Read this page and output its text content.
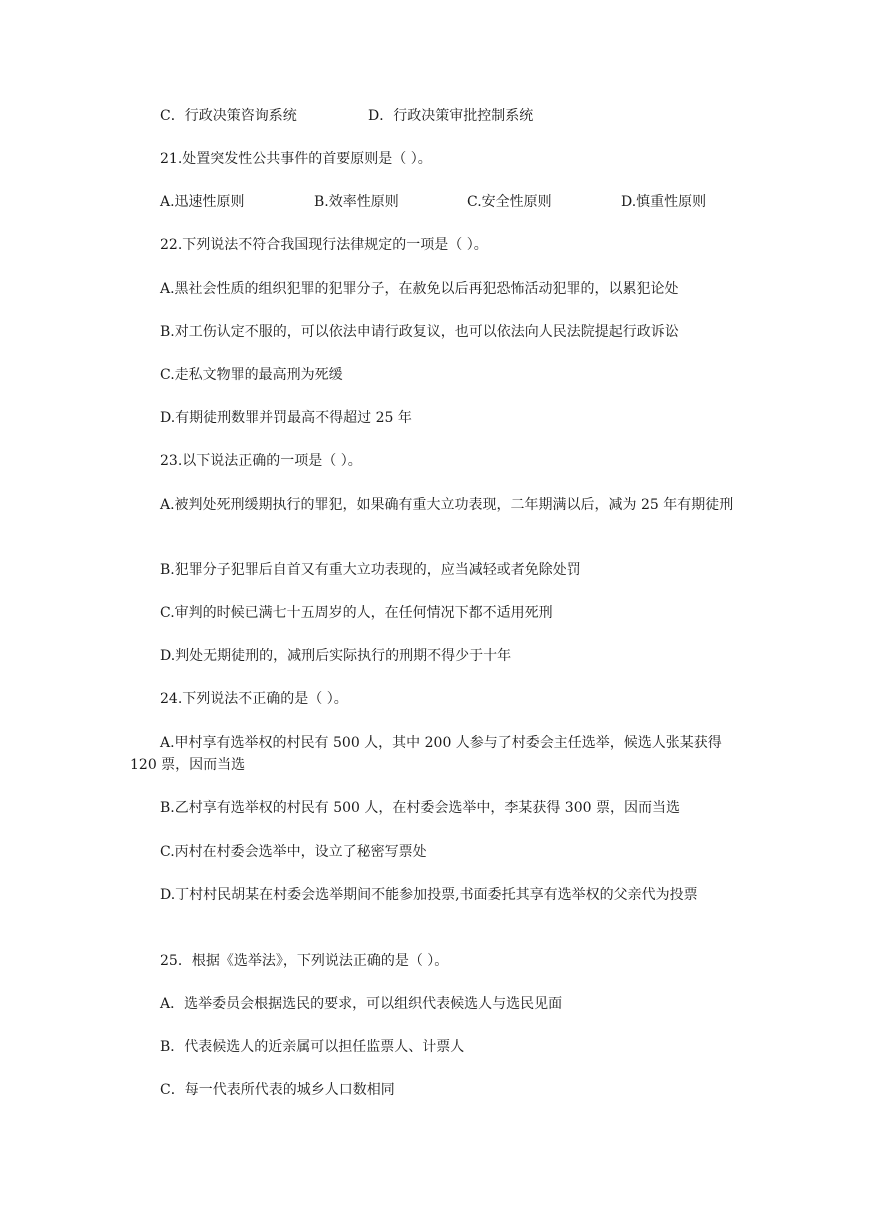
C．行政决策咨询系统	D．行政决策审批控制系统
21.处置突发性公共事件的首要原则是（ ）。
A.迅速性原则	B.效率性原则	C.安全性原则	D.慎重性原则
22.下列说法不符合我国现行法律规定的一项是（ ）。
A.黑社会性质的组织犯罪的犯罪分子，在赦免以后再犯恐怖活动犯罪的，以累犯论处
B.对工伤认定不服的，可以依法申请行政复议，也可以依法向人民法院提起行政诉讼
C.走私文物罪的最高刑为死缓
D.有期徒刑数罪并罚最高不得超过 25 年
23.以下说法正确的一项是（ ）。
A.被判处死刑缓期执行的罪犯，如果确有重大立功表现，二年期满以后，减为 25 年有期徒刑
B.犯罪分子犯罪后自首又有重大立功表现的，应当减轻或者免除处罚
C.审判的时候已满七十五周岁的人，在任何情况下都不适用死刑
D.判处无期徒刑的，减刑后实际执行的刑期不得少于十年
24.下列说法不正确的是（ ）。
A.甲村享有选举权的村民有 500 人，其中 200 人参与了村委会主任选举，候选人张某获得 120 票，因而当选
B.乙村享有选举权的村民有 500 人，在村委会选举中，李某获得 300 票，因而当选
C.丙村在村委会选举中，设立了秘密写票处
D.丁村村民胡某在村委会选举期间不能参加投票,书面委托其享有选举权的父亲代为投票
25．根据《选举法》，下列说法正确的是（ ）。
A．选举委员会根据选民的要求，可以组织代表候选人与选民见面
B．代表候选人的近亲属可以担任监票人、计票人
C．每一代表所代表的城乡人口数相同
